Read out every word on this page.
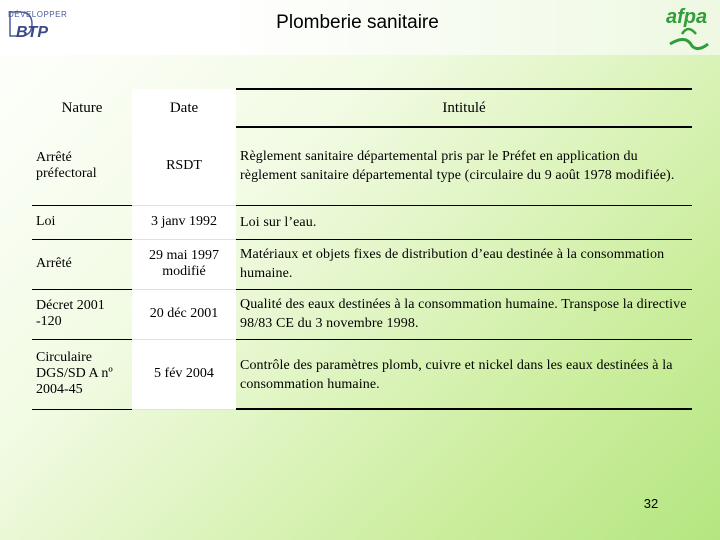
DÉVELOPPER
BTP	Plomberie sanitaire	afpa
Nature	Date	Intitulé
Arrêté préfectoral	RSDT	Règlement sanitaire départemental pris par le Préfet en application du règlement sanitaire départemental type (circulaire du 9 août 1978 modifiée).
Loi	3 janv 1992	Loi sur l’eau.
Arrêté	29 mai 1997 modifié	Matériaux et objets fixes de distribution d’eau destinée à la consommation humaine.
Décret 2001 -120	20 déc 2001	Qualité des eaux destinées à la consommation humaine. Transpose la directive 98/83 CE du 3 novembre 1998.
Circulaire DGS/SD A nº 2004-45	5 fév 2004	Contrôle des paramètres plomb, cuivre et nickel dans les eaux destinées à la consommation humaine.
32
